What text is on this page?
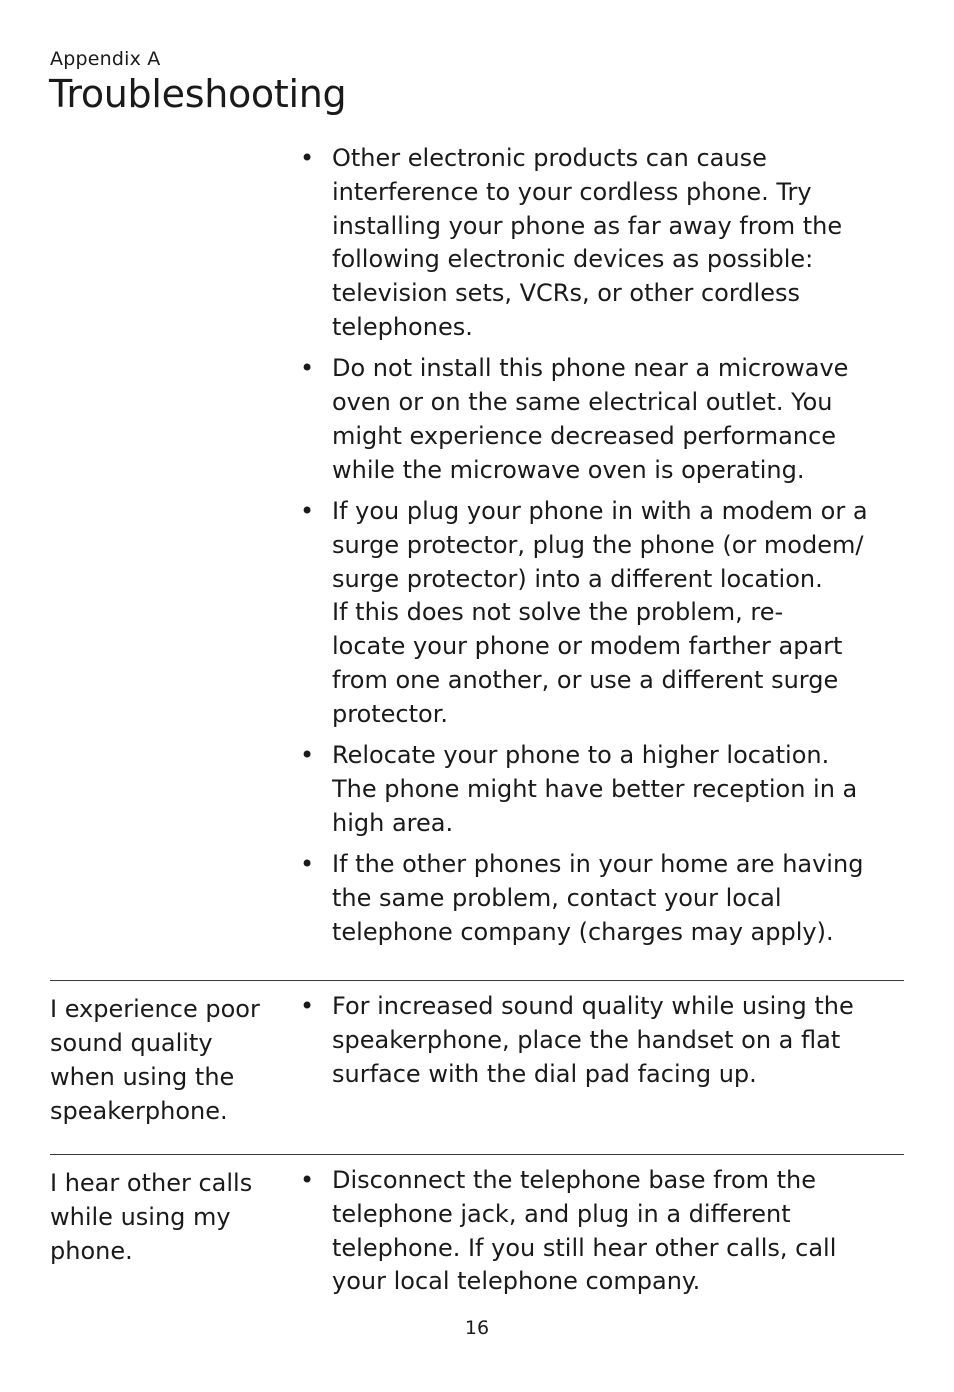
Appendix A
Troubleshooting
• Other electronic products can cause
interference to your cordless phone. Try
installing your phone as far away from the
following electronic devices as possible:
television sets, VCRs, or other cordless
telephones.
• Do not install this phone near a microwave
oven or on the same electrical outlet. You
might experience decreased performance
while the microwave oven is operating.
• If you plug your phone in with a modem or a
surge protector, plug the phone (or modem/
surge protector) into a different location.
If this does not solve the problem, re-
locate your phone or modem farther apart
from one another, or use a different surge
protector.
• Relocate your phone to a higher location.
The phone might have better reception in a
high area.
• If the other phones in your home are having
the same problem, contact your local
telephone company (charges may apply).
I experience poor
sound quality
when using the
speakerphone.
• For increased sound quality while using the
speakerphone, place the handset on a flat
surface with the dial pad facing up.
I hear other calls
while using my
phone.
• Disconnect the telephone base from the
telephone jack, and plug in a different
telephone. If you still hear other calls, call
your local telephone company.
16
